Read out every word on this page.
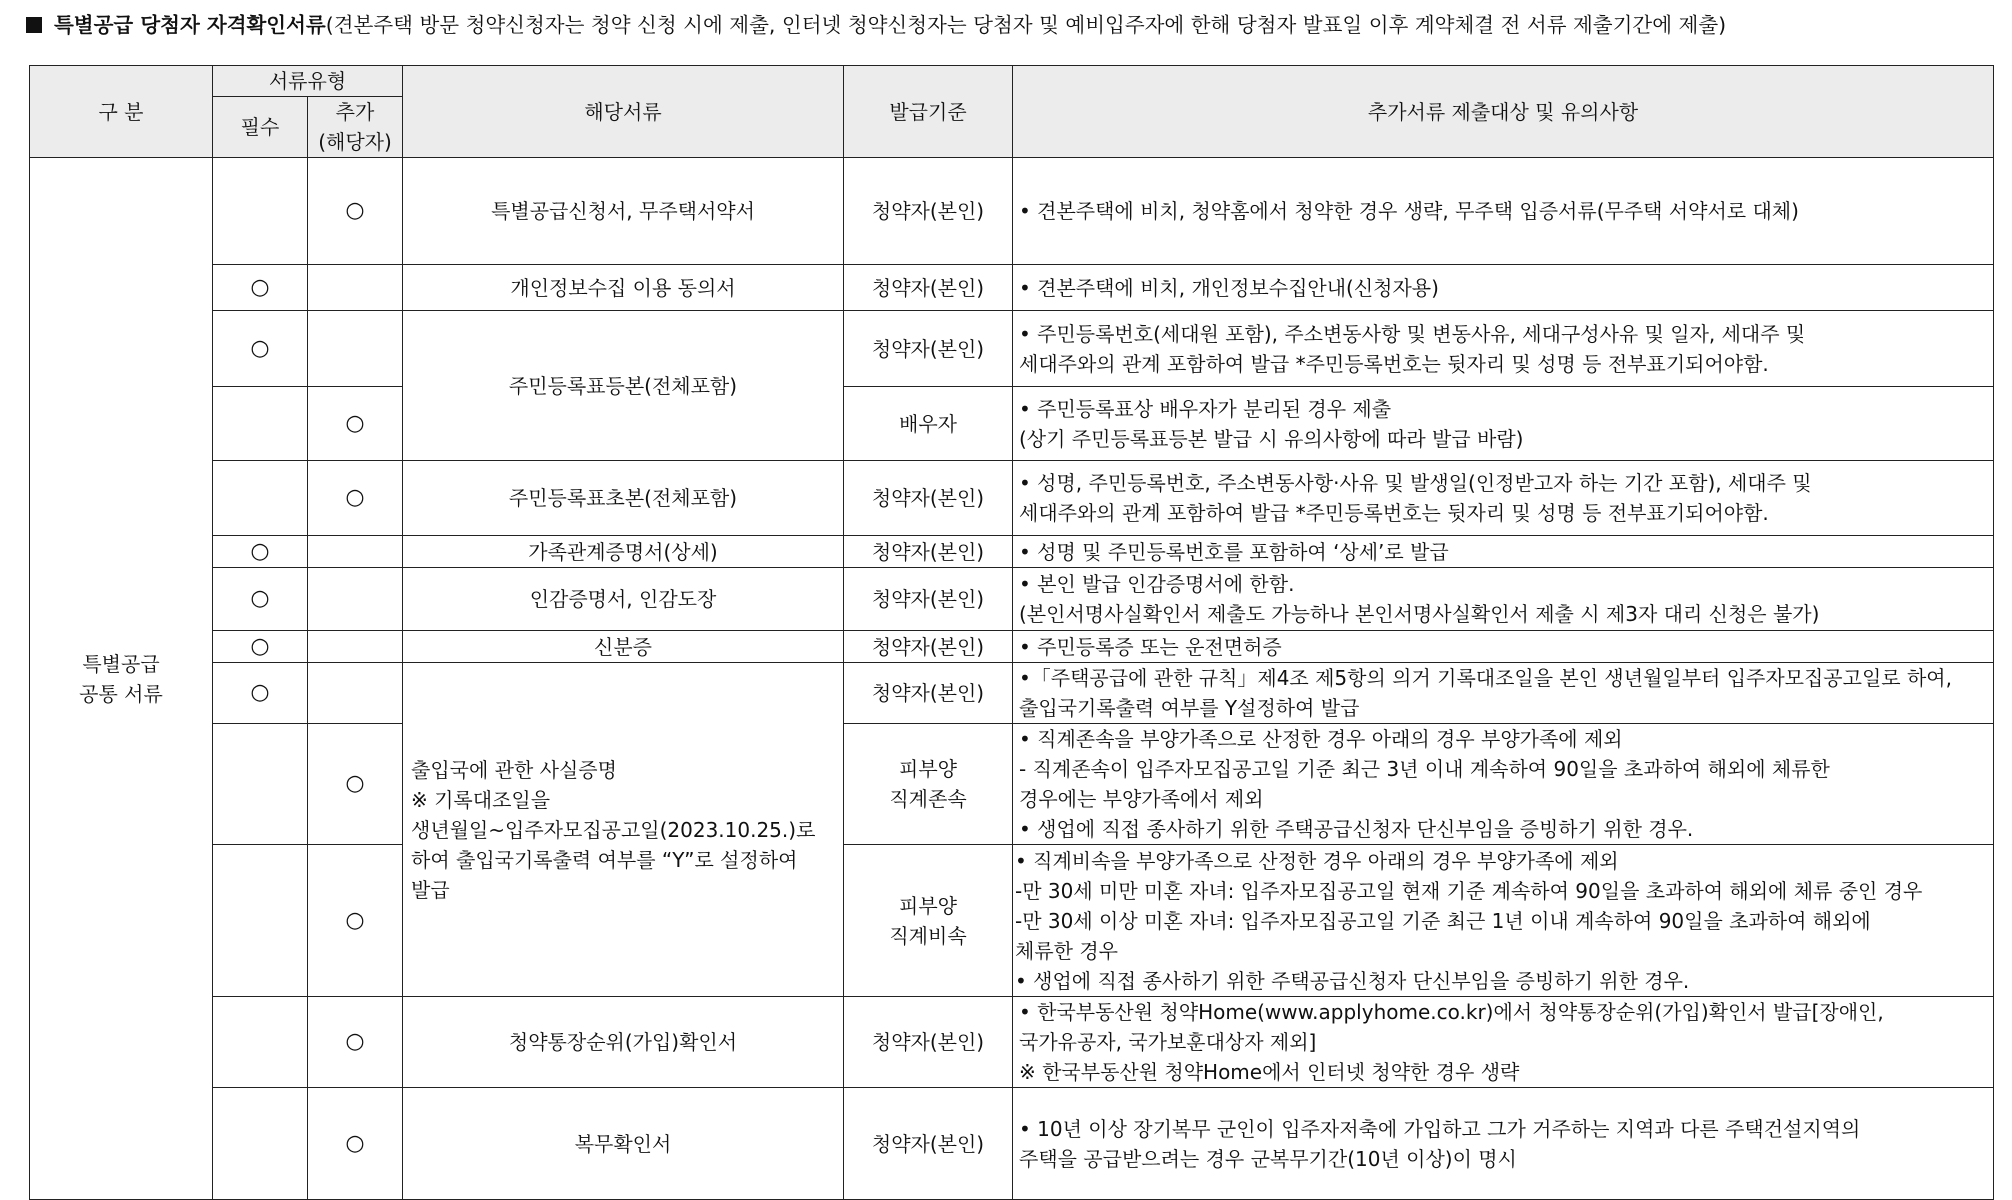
특별공급 당첨자 자격확인서류(견본주택 방문 청약신청자는 청약 신청 시에 제출, 인터넷 청약신청자는 당첨자 및 예비입주자에 한해 당첨자 발표일 이후 계약체결 전 서류 제출기간에 제출)
구 분	서류유형		해당서류	발급기준	추가서류 제출대상 및 유의사항
	필수	추가
(해당자)			

특별공급
공통 서류		○	특별공급신청서, 무주택서약서	청약자(본인)	• 견본주택에 비치, 청약홈에서 청약한 경우 생략, 무주택 입증서류(무주택 서약서로 대체)

	○		개인정보수집 이용 동의서	청약자(본인)	• 견본주택에 비치, 개인정보수집안내(신청자용)

	○		주민등록표등본(전체포함)	청약자(본인)	• 주민등록번호(세대원 포함), 주소변동사항 및 변동사유, 세대구성사유 및 일자, 세대주 및
세대주와의 관계 포함하여 발급 *주민등록번호는 뒷자리 및 성명 등 전부표기되어야함.

		○		배우자	• 주민등록표상 배우자가 분리된 경우 제출
(상기 주민등록표등본 발급 시 유의사항에 따라 발급 바람)

		○	주민등록표초본(전체포함)	청약자(본인)	• 성명, 주민등록번호, 주소변동사항·사유 및 발생일(인정받고자 하는 기간 포함), 세대주 및
세대주와의 관계 포함하여 발급 *주민등록번호는 뒷자리 및 성명 등 전부표기되어야함.

	○		가족관계증명서(상세)	청약자(본인)	• 성명 및 주민등록번호를 포함하여 ‘상세’로 발급

	○		인감증명서, 인감도장	청약자(본인)	• 본인 발급 인감증명서에 한함.
(본인서명사실확인서 제출도 가능하나 본인서명사실확인서 제출 시 제3자 대리 신청은 불가)

	○		신분증	청약자(본인)	• 주민등록증 또는 운전면허증

	○		출입국에 관한 사실증명
※ 기록대조일을
생년월일~입주자모집공고일(2023.10.25.)로
하여 출입국기록출력 여부를 “Y”로 설정하여
발급	청약자(본인)	•「주택공급에 관한 규칙」제4조 제5항의 의거 기록대조일을 본인 생년월일부터 입주자모집공고일로 하여,
출입국기록출력 여부를 Y설정하여 발급

		○		피부양
직계존속	• 직계존속을 부양가족으로 산정한 경우 아래의 경우 부양가족에 제외
- 직계존속이 입주자모집공고일 기준 최근 3년 이내 계속하여 90일을 초과하여 해외에 체류한
경우에는 부양가족에서 제외
• 생업에 직접 종사하기 위한 주택공급신청자 단신부임을 증빙하기 위한 경우.

		○		피부양
직계비속	• 직계비속을 부양가족으로 산정한 경우 아래의 경우 부양가족에 제외
-만 30세 미만 미혼 자녀: 입주자모집공고일 현재 기준 계속하여 90일을 초과하여 해외에 체류 중인 경우
-만 30세 이상 미혼 자녀: 입주자모집공고일 기준 최근 1년 이내 계속하여 90일을 초과하여 해외에
체류한 경우
• 생업에 직접 종사하기 위한 주택공급신청자 단신부임을 증빙하기 위한 경우.

		○	청약통장순위(가입)확인서	청약자(본인)	• 한국부동산원 청약Home(www.applyhome.co.kr)에서 청약통장순위(가입)확인서 발급[장애인,
국가유공자, 국가보훈대상자 제외]
※ 한국부동산원 청약Home에서 인터넷 청약한 경우 생략

		○	복무확인서	청약자(본인)	• 10년 이상 장기복무 군인이 입주자저축에 가입하고 그가 거주하는 지역과 다른 주택건설지역의
주택을 공급받으려는 경우 군복무기간(10년 이상)이 명시
